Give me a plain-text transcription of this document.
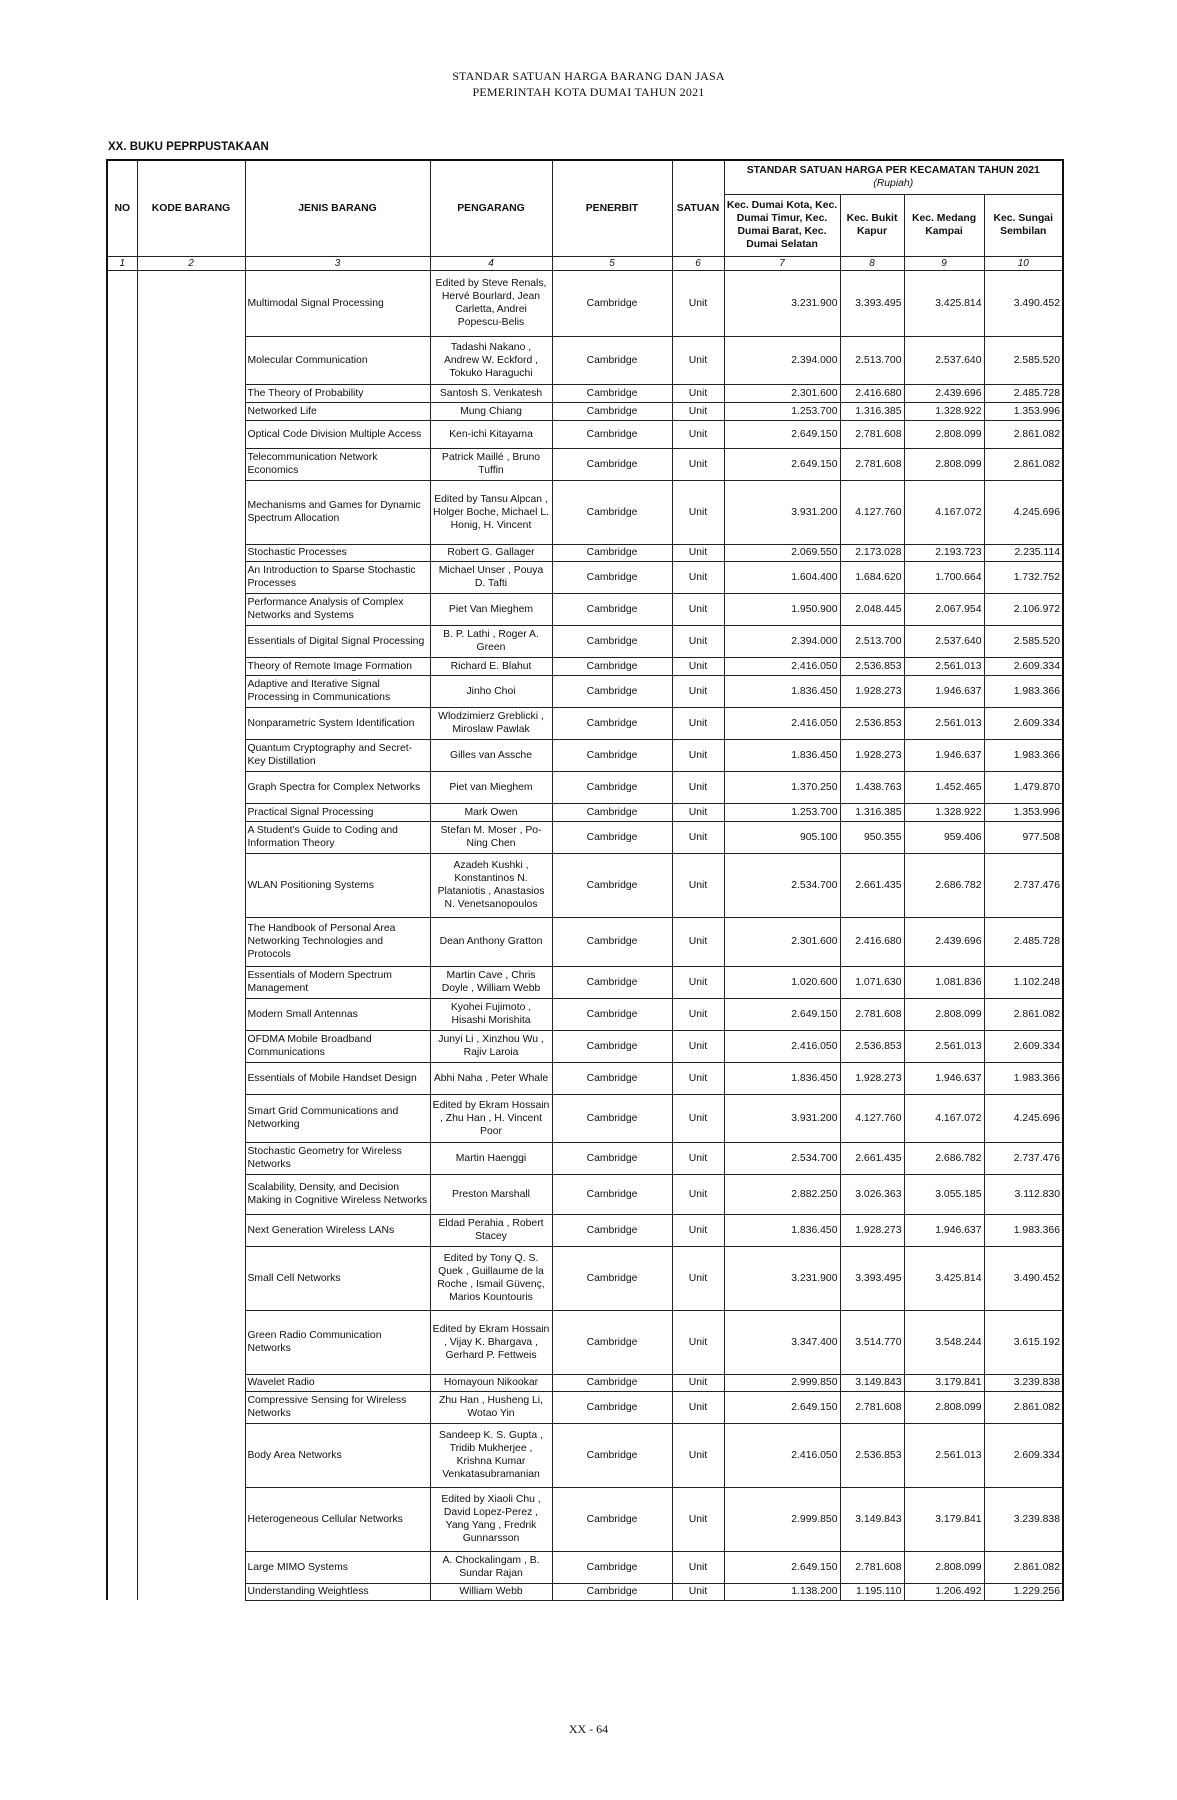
STANDAR SATUAN HARGA BARANG DAN JASA
PEMERINTAH KOTA DUMAI TAHUN 2021
XX. BUKU PEPRPUSTAKAAN
NO	KODE BARANG	JENIS BARANG	PENGARANG	PENERBIT	SATUAN	STANDAR SATUAN HARGA PER KECAMATAN TAHUN 2021
(Rupiah)			

						Kec. Dumai Kota, Kec. Dumai Timur, Kec. Dumai Barat, Kec. Dumai Selatan	Kec. Bukit Kapur	Kec. Medang Kampai	Kec. Sungai Sembilan
1	2	3	4	5	6	7	8	9	10
		Multimodal Signal Processing	Edited by Steve Renals, Hervé Bourlard, Jean Carletta, Andrei Popescu-Belis	Cambridge	Unit	3.231.900	3.393.495	3.425.814	3.490.452
		Molecular Communication	Tadashi Nakano , Andrew W. Eckford , Tokuko Haraguchi	Cambridge	Unit	2.394.000	2.513.700	2.537.640	2.585.520
		The Theory of Probability	Santosh S. Venkatesh	Cambridge	Unit	2.301.600	2.416.680	2.439.696	2.485.728
		Networked Life	Mung Chiang	Cambridge	Unit	1.253.700	1.316.385	1.328.922	1.353.996
		Optical Code Division Multiple Access	Ken-ichi Kitayama	Cambridge	Unit	2.649.150	2.781.608	2.808.099	2.861.082
		Telecommunication Network Economics	Patrick Maillé , Bruno Tuffin	Cambridge	Unit	2.649.150	2.781.608	2.808.099	2.861.082
		Mechanisms and Games for Dynamic Spectrum Allocation	Edited by Tansu Alpcan , Holger Boche, Michael L. Honig, H. Vincent	Cambridge	Unit	3.931.200	4.127.760	4.167.072	4.245.696
		Stochastic Processes	Robert G. Gallager	Cambridge	Unit	2.069.550	2.173.028	2.193.723	2.235.114
		An Introduction to Sparse Stochastic Processes	Michael Unser , Pouya D. Tafti	Cambridge	Unit	1.604.400	1.684.620	1.700.664	1.732.752
		Performance Analysis of Complex Networks and Systems	Piet Van Mieghem	Cambridge	Unit	1.950.900	2.048.445	2.067.954	2.106.972
		Essentials of Digital Signal Processing	B. P. Lathi , Roger A. Green	Cambridge	Unit	2.394.000	2.513.700	2.537.640	2.585.520
		Theory of Remote Image Formation	Richard E. Blahut	Cambridge	Unit	2.416.050	2.536.853	2.561.013	2.609.334
		Adaptive and Iterative Signal Processing in Communications	Jinho Choi	Cambridge	Unit	1.836.450	1.928.273	1.946.637	1.983.366
		Nonparametric System Identification	Wlodzimierz Greblicki , Miroslaw Pawlak	Cambridge	Unit	2.416.050	2.536.853	2.561.013	2.609.334
		Quantum Cryptography and Secret-Key Distillation	Gilles van Assche	Cambridge	Unit	1.836.450	1.928.273	1.946.637	1.983.366
		Graph Spectra for Complex Networks	Piet van Mieghem	Cambridge	Unit	1.370.250	1.438.763	1.452.465	1.479.870
		Practical Signal Processing	Mark Owen	Cambridge	Unit	1.253.700	1.316.385	1.328.922	1.353.996
		A Student's Guide to Coding and Information Theory	Stefan M. Moser , Po-Ning Chen	Cambridge	Unit	905.100	950.355	959.406	977.508
		WLAN Positioning Systems	Azadeh Kushki , Konstantinos N. Plataniotis , Anastasios N. Venetsanopoulos	Cambridge	Unit	2.534.700	2.661.435	2.686.782	2.737.476
		The Handbook of Personal Area Networking Technologies and Protocols	Dean Anthony Gratton	Cambridge	Unit	2.301.600	2.416.680	2.439.696	2.485.728
		Essentials of Modern Spectrum Management	Martin Cave , Chris Doyle , William Webb	Cambridge	Unit	1.020.600	1.071.630	1.081.836	1.102.248
		Modern Small Antennas	Kyohei Fujimoto , Hisashi Morishita	Cambridge	Unit	2.649.150	2.781.608	2.808.099	2.861.082
		OFDMA Mobile Broadband Communications	Junyi Li , Xinzhou Wu , Rajiv Laroia	Cambridge	Unit	2.416.050	2.536.853	2.561.013	2.609.334
		Essentials of Mobile Handset Design	Abhi Naha , Peter Whale	Cambridge	Unit	1.836.450	1.928.273	1.946.637	1.983.366
		Smart Grid Communications and Networking	Edited by Ekram Hossain , Zhu Han , H. Vincent Poor	Cambridge	Unit	3.931.200	4.127.760	4.167.072	4.245.696
		Stochastic Geometry for Wireless Networks	Martin Haenggi	Cambridge	Unit	2.534.700	2.661.435	2.686.782	2.737.476
		Scalability, Density, and Decision Making in Cognitive Wireless Networks	Preston Marshall	Cambridge	Unit	2.882.250	3.026.363	3.055.185	3.112.830
		Next Generation Wireless LANs	Eldad Perahia , Robert Stacey	Cambridge	Unit	1.836.450	1.928.273	1.946.637	1.983.366
		Small Cell Networks	Edited by Tony Q. S. Quek , Guillaume de la Roche , Ismail Güvenç, Marios Kountouris	Cambridge	Unit	3.231.900	3.393.495	3.425.814	3.490.452
		Green Radio Communication Networks	Edited by Ekram Hossain , Vijay K. Bhargava , Gerhard P. Fettweis	Cambridge	Unit	3.347.400	3.514.770	3.548.244	3.615.192
		Wavelet Radio	Homayoun Nikookar	Cambridge	Unit	2.999.850	3.149.843	3.179.841	3.239.838
		Compressive Sensing for Wireless Networks	Zhu Han , Husheng Li, Wotao Yin	Cambridge	Unit	2.649.150	2.781.608	2.808.099	2.861.082
		Body Area Networks	Sandeep K. S. Gupta , Tridib Mukherjee , Krishna Kumar Venkatasubramanian	Cambridge	Unit	2.416.050	2.536.853	2.561.013	2.609.334
		Heterogeneous Cellular Networks	Edited by Xiaoli Chu , David Lopez-Perez , Yang Yang , Fredrik Gunnarsson	Cambridge	Unit	2.999.850	3.149.843	3.179.841	3.239.838
		Large MIMO Systems	A. Chockalingam , B. Sundar Rajan	Cambridge	Unit	2.649.150	2.781.608	2.808.099	2.861.082
		Understanding Weightless	William Webb	Cambridge	Unit	1.138.200	1.195.110	1.206.492	1.229.256
XX - 64
